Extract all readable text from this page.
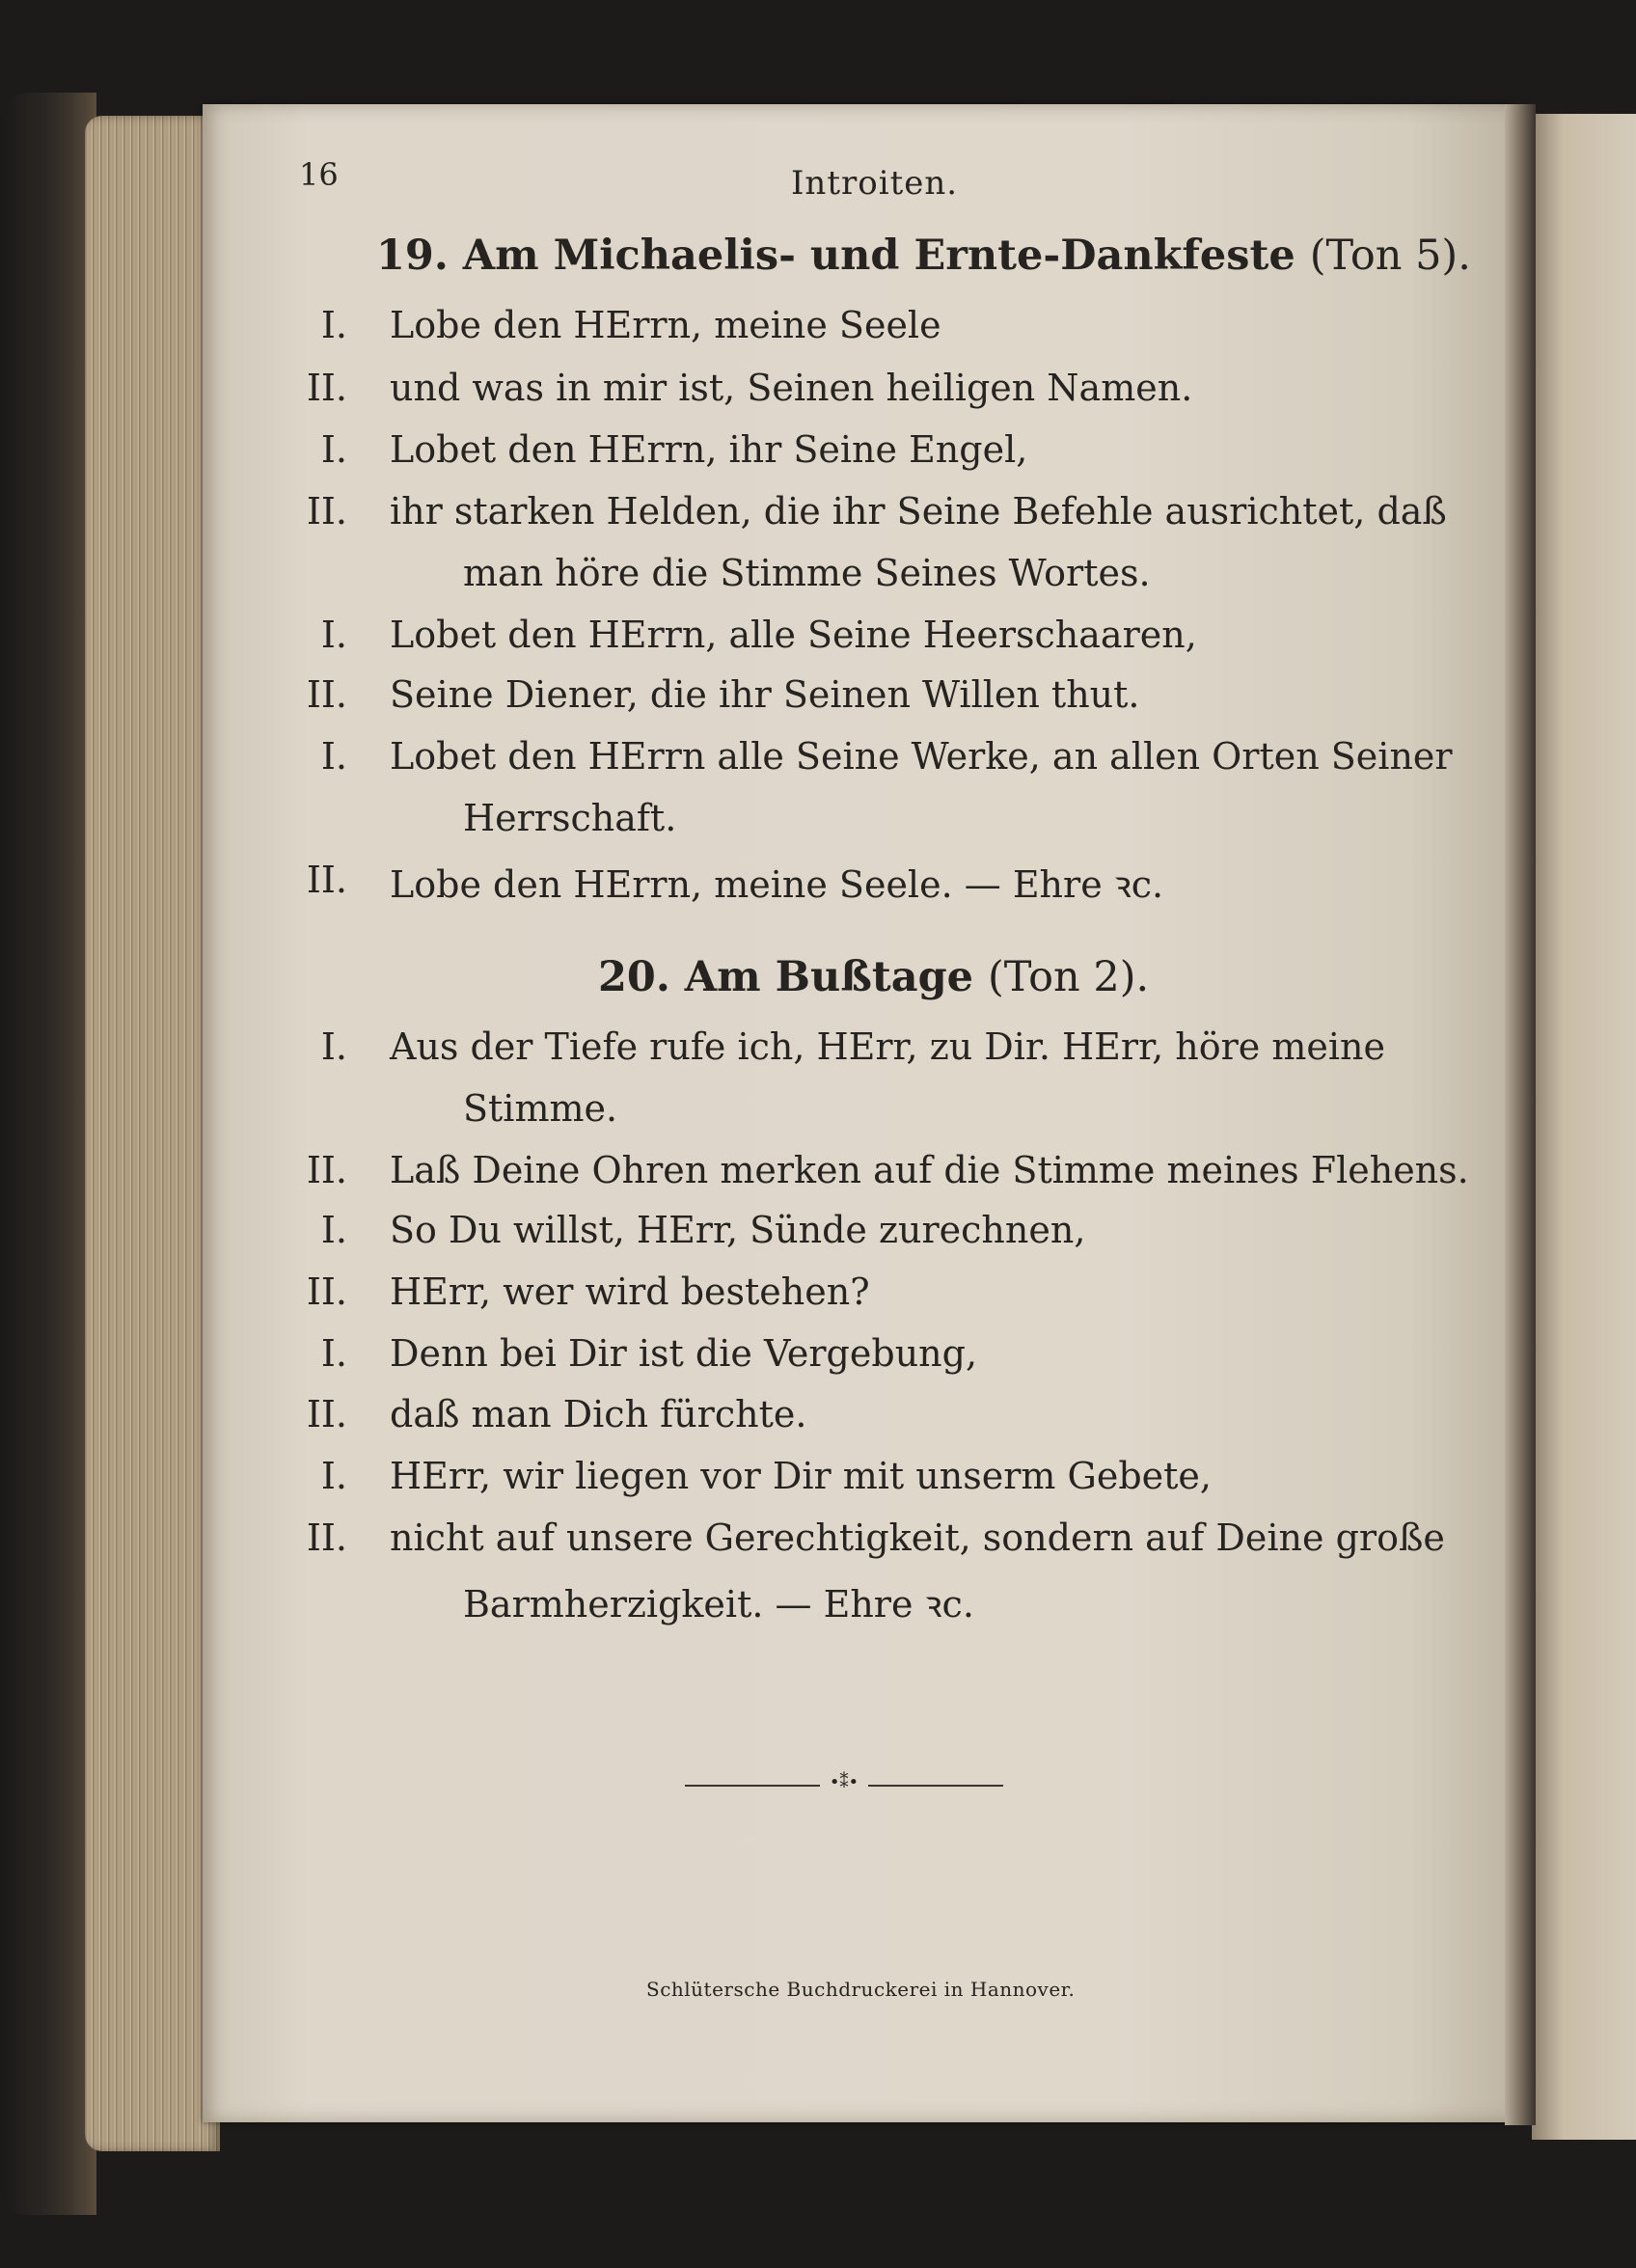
16	Introiten.
19. Am Michaelis- und Ernte-Dankfeste (Ton 5).
I. Lobe den HErrn, meine Seele
II. und was in mir ist, Seinen heiligen Namen.
I. Lobet den HErrn, ihr Seine Engel,
II. ihr starken Helden, die ihr Seine Befehle ausrichtet, daß
man höre die Stimme Seines Wortes.
I. Lobet den HErrn, alle Seine Heerschaaren,
II. Seine Diener, die ihr Seinen Willen thut.
I. Lobet den HErrn alle Seine Werke, an allen Orten Seiner
Herrschaft.
II. Lobe den HErrn, meine Seele. — Ehre ꝛc.
20. Am Bußtage (Ton 2).
I. Aus der Tiefe rufe ich, HErr, zu Dir. HErr, höre meine
Stimme.
II. Laß Deine Ohren merken auf die Stimme meines Flehens.
I. So Du willst, HErr, Sünde zurechnen,
II. HErr, wer wird bestehen?
I. Denn bei Dir ist die Vergebung,
II. daß man Dich fürchte.
I. HErr, wir liegen vor Dir mit unserm Gebete,
II. nicht auf unsere Gerechtigkeit, sondern auf Deine große
Barmherzigkeit. — Ehre ꝛc.
•⁑•
Schlütersche Buchdruckerei in Hannover.
